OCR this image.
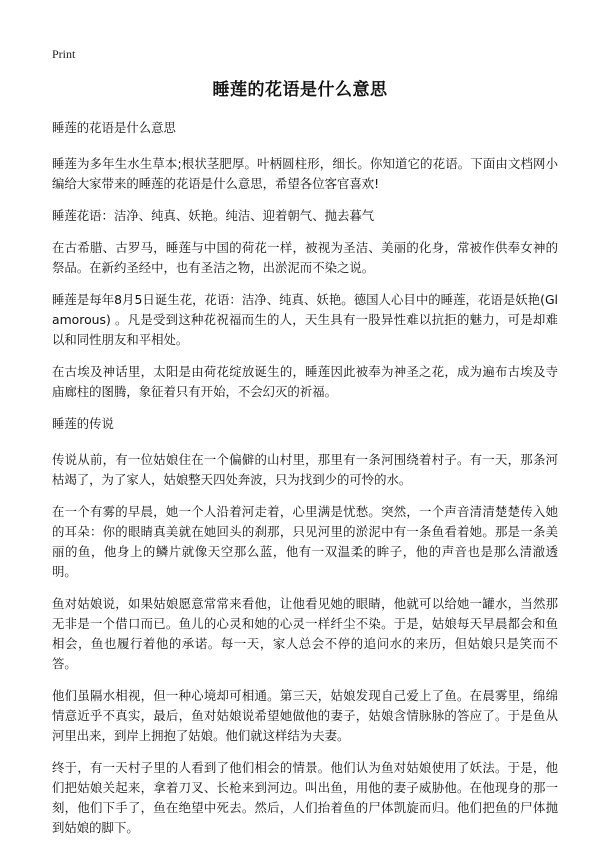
Print
睡莲的花语是什么意思

睡莲的花语是什么意思

睡莲为多年生水生草本;根状茎肥厚。叶柄圆柱形，细长。你知道它的花语。下面由文档网小编给大家带来的睡莲的花语是什么意思，希望各位客官喜欢!

睡莲花语：洁净、纯真、妖艳。纯洁、迎着朝气、抛去暮气

在古希腊、古罗马，睡莲与中国的荷花一样，被视为圣洁、美丽的化身，常被作供奉女神的祭品。在新约圣经中，也有圣洁之物，出淤泥而不染之说。

睡莲是每年8月5日诞生花，花语：洁净、纯真、妖艳。德国人心目中的睡莲，花语是妖艳(Glamorous) 。凡是受到这种花祝福而生的人，天生具有一股异性难以抗拒的魅力，可是却难以和同性朋友和平相处。

在古埃及神话里，太阳是由荷花绽放诞生的，睡莲因此被奉为神圣之花，成为遍布古埃及寺庙廊柱的图腾，象征着只有开始，不会幻灭的祈福。

睡莲的传说

传说从前，有一位姑娘住在一个偏僻的山村里，那里有一条河围绕着村子。有一天，那条河枯竭了，为了家人，姑娘整天四处奔波，只为找到少的可怜的水。

在一个有雾的早晨，她一个人沿着河走着，心里满是忧愁。突然，一个声音清清楚楚传入她的耳朵：你的眼睛真美就在她回头的刹那，只见河里的淤泥中有一条鱼看着她。那是一条美丽的鱼，他身上的鳞片就像天空那么蓝，他有一双温柔的眸子，他的声音也是那么清澈透明。

鱼对姑娘说，如果姑娘愿意常常来看他，让他看见她的眼睛，他就可以给她一罐水，当然那无非是一个借口而已。鱼儿的心灵和她的心灵一样纤尘不染。于是，姑娘每天早晨都会和鱼相会，鱼也履行着他的承诺。每一天，家人总会不停的追问水的来历，但姑娘只是笑而不答。

他们虽隔水相视，但一种心境却可相通。第三天，姑娘发现自己爱上了鱼。在晨雾里，绵绵情意近乎不真实，最后，鱼对姑娘说希望她做他的妻子，姑娘含情脉脉的答应了。于是鱼从河里出来，到岸上拥抱了姑娘。他们就这样结为夫妻。

终于，有一天村子里的人看到了他们相会的情景。他们认为鱼对姑娘使用了妖法。于是，他们把姑娘关起来，拿着刀叉、长枪来到河边。叫出鱼，用他的妻子威胁他。在他现身的那一刻，他们下手了，鱼在绝望中死去。然后，人们抬着鱼的尸体凯旋而归。他们把鱼的尸体抛到姑娘的脚下。
